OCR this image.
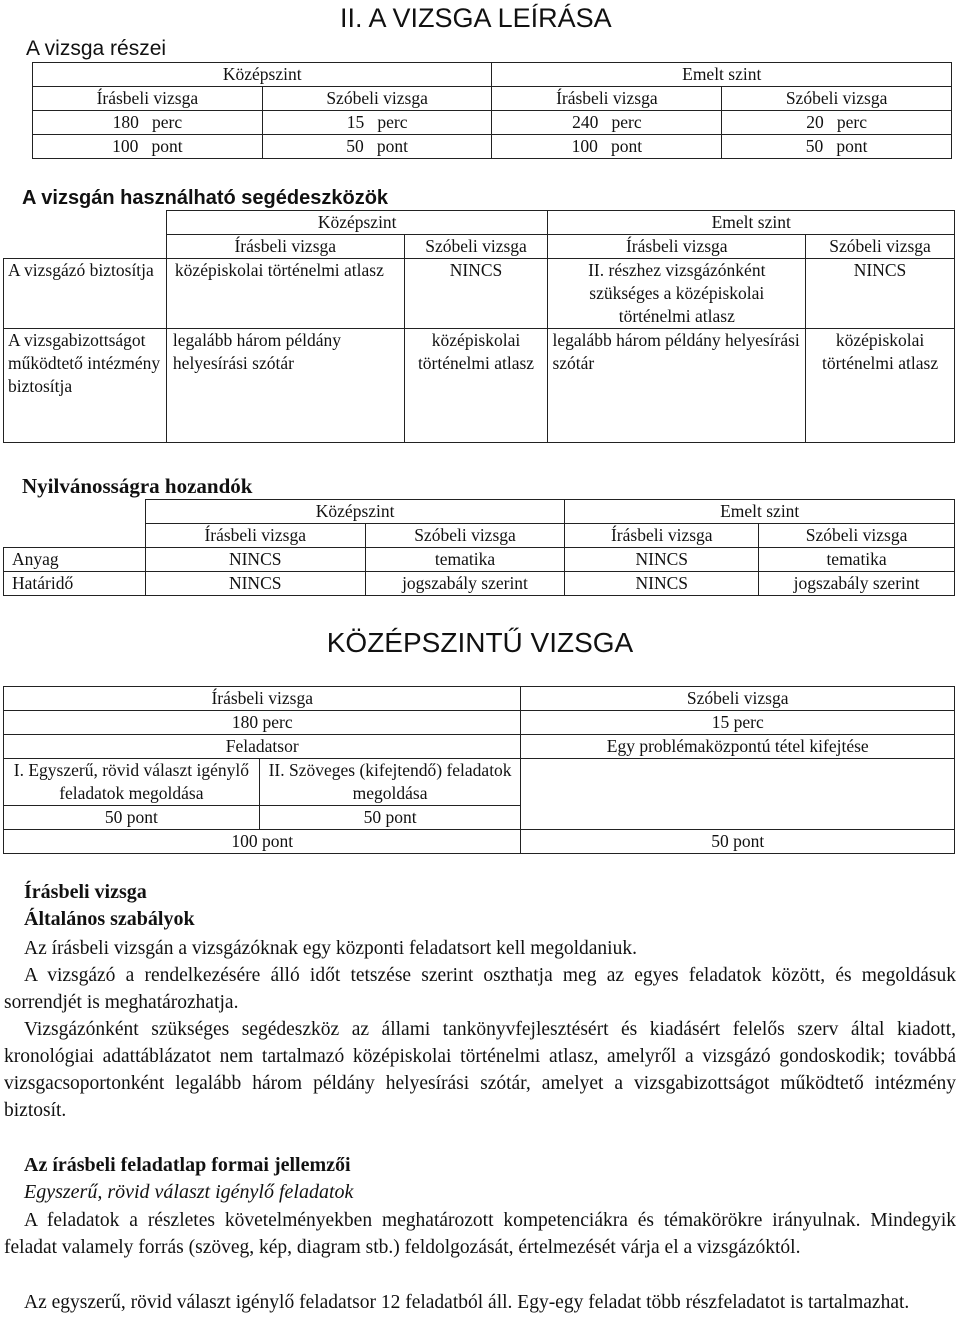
II. A VIZSGA LEÍRÁSA
A vizsga részei
Középszint		Emelt szint	
Írásbeli vizsga	Szóbeli vizsga	Írásbeli vizsga	Szóbeli vizsga
180 perc	15 perc	240 perc	20 perc
100 pont	50 pont	100 pont	50 pont
A vizsgán használható segédeszközök
	Középszint		Emelt szint	
	Írásbeli vizsga	Szóbeli vizsga	Írásbeli vizsga	Szóbeli vizsga
A vizsgázó biztosítja	középiskolai történelmi atlasz	NINCS	II. részhez vizsgázónként szükséges a középiskolai történelmi atlasz	NINCS
A vizsgabizottságot működtető intézmény biztosítja	legalább három példány helyesírási szótár	középiskolai történelmi atlasz	legalább három példány helyesírási szótár	középiskolai történelmi atlasz
Nyilvánosságra hozandók
	Középszint		Emelt szint	
	Írásbeli vizsga	Szóbeli vizsga	Írásbeli vizsga	Szóbeli vizsga
Anyag	NINCS	tematika	NINCS	tematika
Határidő	NINCS	jogszabály szerint	NINCS	jogszabály szerint
KÖZÉPSZINTŰ VIZSGA
Írásbeli vizsga		Szóbeli vizsga
180 perc		15 perc
Feladatsor		Egy problémaközpontú tétel kifejtése
I. Egyszerű, rövid választ igénylő feladatok megoldása	II. Szöveges (kifejtendő) feladatok megoldása	
50 pont	50 pont	
100 pont		50 pont
Írásbeli vizsga
Általános szabályok
Az írásbeli vizsgán a vizsgázóknak egy központi feladatsort kell megoldaniuk.
A vizsgázó a rendelkezésére álló időt tetszése szerint oszthatja meg az egyes feladatok között, és megoldásuk sorrendjét is meghatározhatja.
Vizsgázónként szükséges segédeszköz az állami tankönyvfejlesztésért és kiadásért felelős szerv által kiadott, kronológiai adattáblázatot nem tartalmazó középiskolai történelmi atlasz, amelyről a vizsgázó gondoskodik; továbbá vizsgacsoportonként legalább három példány helyesírási szótár, amelyet a vizsgabizottságot működtető intézmény biztosít.
Az írásbeli feladatlap formai jellemzői
Egyszerű, rövid választ igénylő feladatok
A feladatok a részletes követelményekben meghatározott kompetenciákra és témakörökre irányulnak. Mindegyik feladat valamely forrás (szöveg, kép, diagram stb.) feldolgozását, értelmezését várja el a vizsgázóktól.
Az egyszerű, rövid választ igénylő feladatsor 12 feladatból áll. Egy-egy feladat több részfeladatot is tartalmazhat.
